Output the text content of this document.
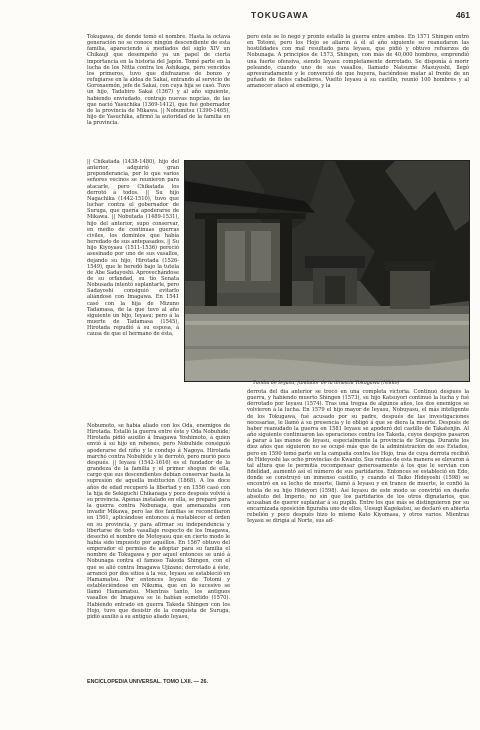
TOKUGAWA	461

Tokugawa, de donde tomó el nombre. Hasta la octava generación no se conoce ningún descendiente de esta familia, apareciendo á mediados del siglo XIV un Chikauji que desempeñó ya un papel de cierta importancia en la historia del Japón. Tomó parte en la lucha de los Nitta contra los Ashikaga, pero vencidos los primeros, tuvo que disfrazarse de bonzo y refugiarse en la aldea de Sakai, entrando al servicio de Goroxaemón, jefe de Sakai, con cuya hija se casó. Tuvo un hijo, Tadahiro Sakai (1367) y al año siguiente, habiendo enviudado, contrajo nuevas nupcias, de las que nació Yasuchika (1369-1412), que fué gobernador de la provincia de Mikawa. || Nobumitsu (1390-1465), hijo de Yasuchika, afirmó la autoridad de la familia en la provincia.

|| Chikatada (1438-1480), hijo del anterior, adquirió gran preponderancia, por lo que varios señores vecinos se reunieron para atacarle, pero Chikatada los derrotó á todos. || Su hijo Nagachika (1442-1510), tuvo que luchar contra el gobernador de Suruga, que quería apoderarse de Mikawa. || Nobutada (1489-1531), hijo del anterior, supo conservar, en medio de continuas guerras civiles, los dominios que había heredado de sus antepasados. || Su hijo Kiyoyasu (1511-1536) pereció asesinado por uno de sus vasallos, dejando su hijo, Hirotada (1526-1549), que le heredó bajo la tutela de Abe Sadayoshi. Aprovechándose de su orfandad, su tío Senata Nobusada intentó suplantarle, pero Sadayoshi consiguió evitarlo aliándose con Imagawa. En 1541 casó con la hija de Mizuno Tadamasa, de la que tuvo al año siguiente un hijo, Ieyasu; pero á la muerte de Tadamasa (1545), Hirotada repudió á su esposa, á causa de que el hermano de ésta,

Nobumoto, se había aliado con los Oda, enemigos de Hirotada. Estalló la guerra entre éste y Oda Nobuhide; Hirotada pidió auxilio á Imagawa Yoshimoto, á quien envió á su hijo en rehenes, pero Nobuhide consiguió apoderarse del niño y le condujo á Nagoya. Hirotada marchó contra Nobuhide y le derrotó, pero murió poco después. || Ieyasu (1542-1616) es el fundador de la grandeza de la familia y el primer shogun de ella, cargo que sus descendientes debían conservar hasta la supresión de aquella institución (1868). A los doce años de edad recuperó la libertad y en 1556 casó con la hija de Sekiguchi Chikanaga y poco después volvió á su provincia. Apenas instalado en ella, se preparó para la guerra contra Nobunaga, que amenazaba con invadir Mikawa, pero las dos familias se reconciliaron en 1561, aplicándose entonces á restablecer el orden en su provincia, y para afirmar su independencia y libertarse de todo vasallaje respecto de los Imagawa, desechó el nombre de Motoyasu que en cierto modo le había sido impuesto por aquéllos. En 1567 obtuvo del emperador el permiso de adoptar para su familia el nombre de Tokugawa y por aquel entonces se unió á Nobunaga contra el famoso Takeda Shingen, con el que se alió contra Imagawa Ujizane; derrotado á éste, arrancó por dos sitios á la vez, Ieyasu se estableció en Hamamatsu. Por entonces Ieyasu de Totomi y estableciéndose en Nikuma, que en lo sucesivo se llamó Hamamatsu. Mientras tanto, los antiguos vasallos de Imagawa se le habían sometido (1570). Habiendo entrado en guerra Takeda Shingen con los Hojo, tuvo que desistir de la conquista de Suruga, pidió auxilio á su antiguo aliado Ieyasu,

pero éste se lo negó y pronto estalló la guerra entre ambos. En 1571 Shingen entró en Totomi, pero los Hojo se aliaron á él al año siguiente se reanudaron las hostilidades con mal resultado para Ieyasu, que pidió y obtuvo refuerzos de Nobunaga. A principios de 1573, Shingen, con más de 40,000 hombres, emprendió una fuerte ofensiva, siendo Ieyasu completamente derrotado. Se disponía á morir peleando, cuando uno de sus vasallos, llamado Natsume Masuyoshi, llegó apresuradamente y le convenció de que huyera, haciéndose matar al frente de un puñado de fieles caballeros. Vuelto Ieyasu á su castillo, reunió 100 hombres y al amanecer atacó al enemigo, y la

Tumba de Ieyasu, fundador de la dinastía Tokugawa (Nikko)

derrota del día anterior se trocó en una completa victoria. Continuó después la guerra, y habiendo muerto Shingen (1573), su hijo Katsuyori continuó la lucha y fué derrotado por Ieyasu (1574). Tras una tregua de algunos años, los dos enemigos se volvieron á la lucha. En 1579 el hijo mayor de Ieyasu, Nobuyasu, el más inteligente de los Tokugawa, fué acusado por su padre, después de las investigaciones necesarias, le llamó á su presencia y le obligó á que se diera la muerte. Después de haber reanudado la guerra en 1581 Ieyasu se apoderó del castillo de Takatenjin. Al año siguiente continuaron las operaciones contra los Takeda, cuyos despojos pasaron á parar á las manos de Ieyasu, especialmente la provincia de Suruga. Durante los diez años que siguieron no se ocupó más que de la administración de sus Estados, pero en 1590 tomó parte en la campaña contra los Hojo, tras de cuya derrota recibió de Hideyoshi las ocho provincias de Kwanto. Sus rentas de esta manera se elevaron á tal altura que le permitía recompensar generosamente á los que le servían con fidelidad, aumentó así el número de sus partidarios. Entonces se estableció en Edo, donde se construyó un inmenso castillo, y cuando el Taiko Hideyoshi (1598) se encontró en su lecho de muerte, llamó á Ieyasu y en trance de muerte, le confió la tutela de su hijo Hideyori (1598). Así Ieyasu de este modo se convirtió en dueño absoluto del Imperio, no sin que los partidarios de los otros dignatarios, que acusaban de querer suplantar á su pupilo. Entre los que más se distinguieron por su encarnizada oposición figuraba uno de ellos, Uesugi Kagekatsu, se declaró en abierta rebelión y poco después hizo lo mismo Kato Kiyomasa, y otros varios. Mientras Ieyasu se dirigía al Norte, sus ad-

ENCICLOPEDIA UNIVERSAL. TOMO LXII. — 26.
